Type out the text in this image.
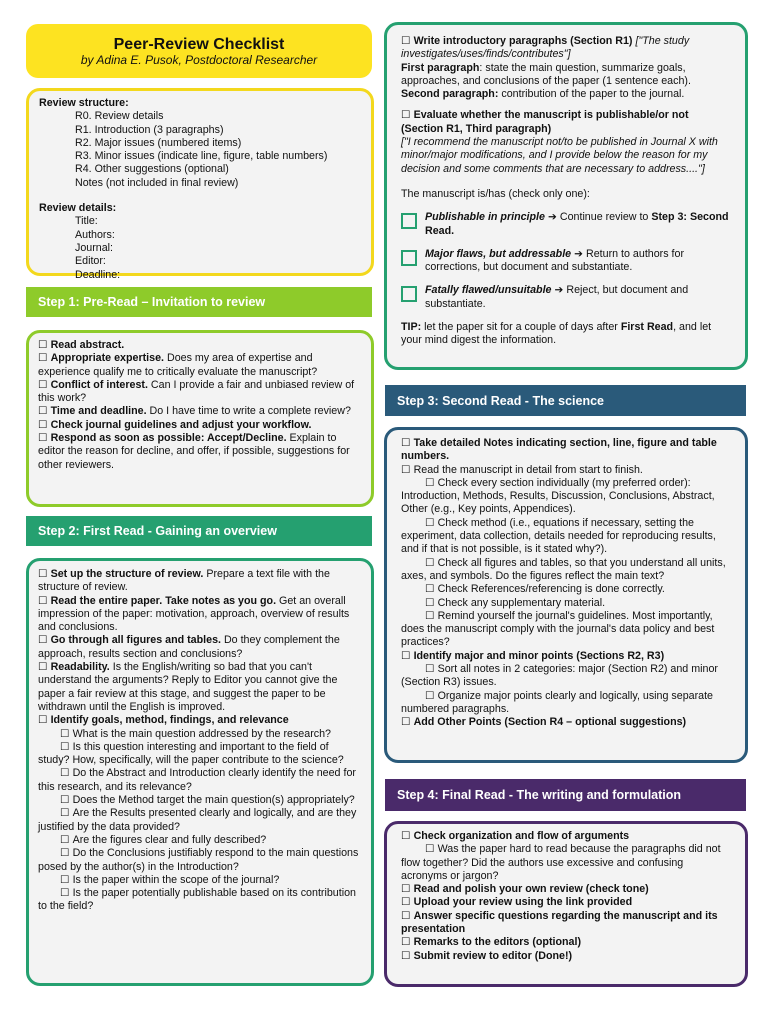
Peer-Review Checklist
by Adina E. Pusok, Postdoctoral Researcher
Review structure:
R0. Review details
R1. Introduction (3 paragraphs)
R2. Major issues (numbered items)
R3. Minor issues (indicate line, figure, table numbers)
R4. Other suggestions (optional)
Notes (not included in final review)
Review details:
Title:
Authors:
Journal:
Editor:
Deadline:
Step 1: Pre-Read – Invitation to review
☐ Read abstract.
☐ Appropriate expertise. Does my area of expertise and experience qualify me to critically evaluate the manuscript?
☐ Conflict of interest. Can I provide a fair and unbiased review of this work?
☐ Time and deadline. Do I have time to write a complete review?
☐ Check journal guidelines and adjust your workflow.
☐ Respond as soon as possible: Accept/Decline. Explain to editor the reason for decline, and offer, if possible, suggestions for other reviewers.
Step 2: First Read - Gaining an overview
☐ Set up the structure of review. Prepare a text file with the structure of review.
☐ Read the entire paper. Take notes as you go. Get an overall impression of the paper: motivation, approach, overview of results and conclusions.
☐ Go through all figures and tables. Do they complement the approach, results section and conclusions?
☐ Readability. Is the English/writing so bad that you can't understand the arguments? Reply to Editor you cannot give the paper a fair review at this stage, and suggest the paper to be withdrawn until the English is improved.
☐ Identify goals, method, findings, and relevance
☐ What is the main question addressed by the research?
☐ Is this question interesting and important to the field of study? How, specifically, will the paper contribute to the science?
☐ Do the Abstract and Introduction clearly identify the need for this research, and its relevance?
☐ Does the Method target the main question(s) appropriately?
☐ Are the Results presented clearly and logically, and are they justified by the data provided?
☐ Are the figures clear and fully described?
☐ Do the Conclusions justifiably respond to the main questions posed by the author(s) in the Introduction?
☐ Is the paper within the scope of the journal?
☐ Is the paper potentially publishable based on its contribution to the field?
☐ Write introductory paragraphs (Section R1) ["The study investigates/uses/finds/contributes"]
First paragraph: state the main question, summarize goals, approaches, and conclusions of the paper (1 sentence each).
Second paragraph: contribution of the paper to the journal.
☐ Evaluate whether the manuscript is publishable/or not (Section R1, Third paragraph)
["I recommend the manuscript not/to be published in Journal X with minor/major modifications, and I provide below the reason for my decision and some comments that are necessary to address...."]
The manuscript is/has (check only one):
Publishable in principle ➔ Continue review to Step 3: Second Read.
Major flaws, but addressable ➔ Return to authors for corrections, but document and substantiate.
Fatally flawed/unsuitable ➔ Reject, but document and substantiate.
TIP: let the paper sit for a couple of days after First Read, and let your mind digest the information.
Step 3: Second Read - The science
☐ Take detailed Notes indicating section, line, figure and table numbers.
☐ Read the manuscript in detail from start to finish.
☐ Check every section individually (my preferred order): Introduction, Methods, Results, Discussion, Conclusions, Abstract, Other (e.g., Key points, Appendices).
☐ Check method (i.e., equations if necessary, setting the experiment, data collection, details needed for reproducing results, and if that is not possible, is it stated why?).
☐ Check all figures and tables, so that you understand all units, axes, and symbols. Do the figures reflect the main text?
☐ Check References/referencing is done correctly.
☐ Check any supplementary material.
☐ Remind yourself the journal's guidelines. Most importantly, does the manuscript comply with the journal's data policy and best practices?
☐ Identify major and minor points (Sections R2, R3)
☐ Sort all notes in 2 categories: major (Section R2) and minor (Section R3) issues.
☐ Organize major points clearly and logically, using separate numbered paragraphs.
☐ Add Other Points (Section R4 – optional suggestions)
Step 4: Final Read - The writing and formulation
☐ Check organization and flow of arguments
☐ Was the paper hard to read because the paragraphs did not flow together? Did the authors use excessive and confusing acronyms or jargon?
☐ Read and polish your own review (check tone)
☐ Upload your review using the link provided
☐ Answer specific questions regarding the manuscript and its presentation
☐ Remarks to the editors (optional)
☐ Submit review to editor (Done!)
